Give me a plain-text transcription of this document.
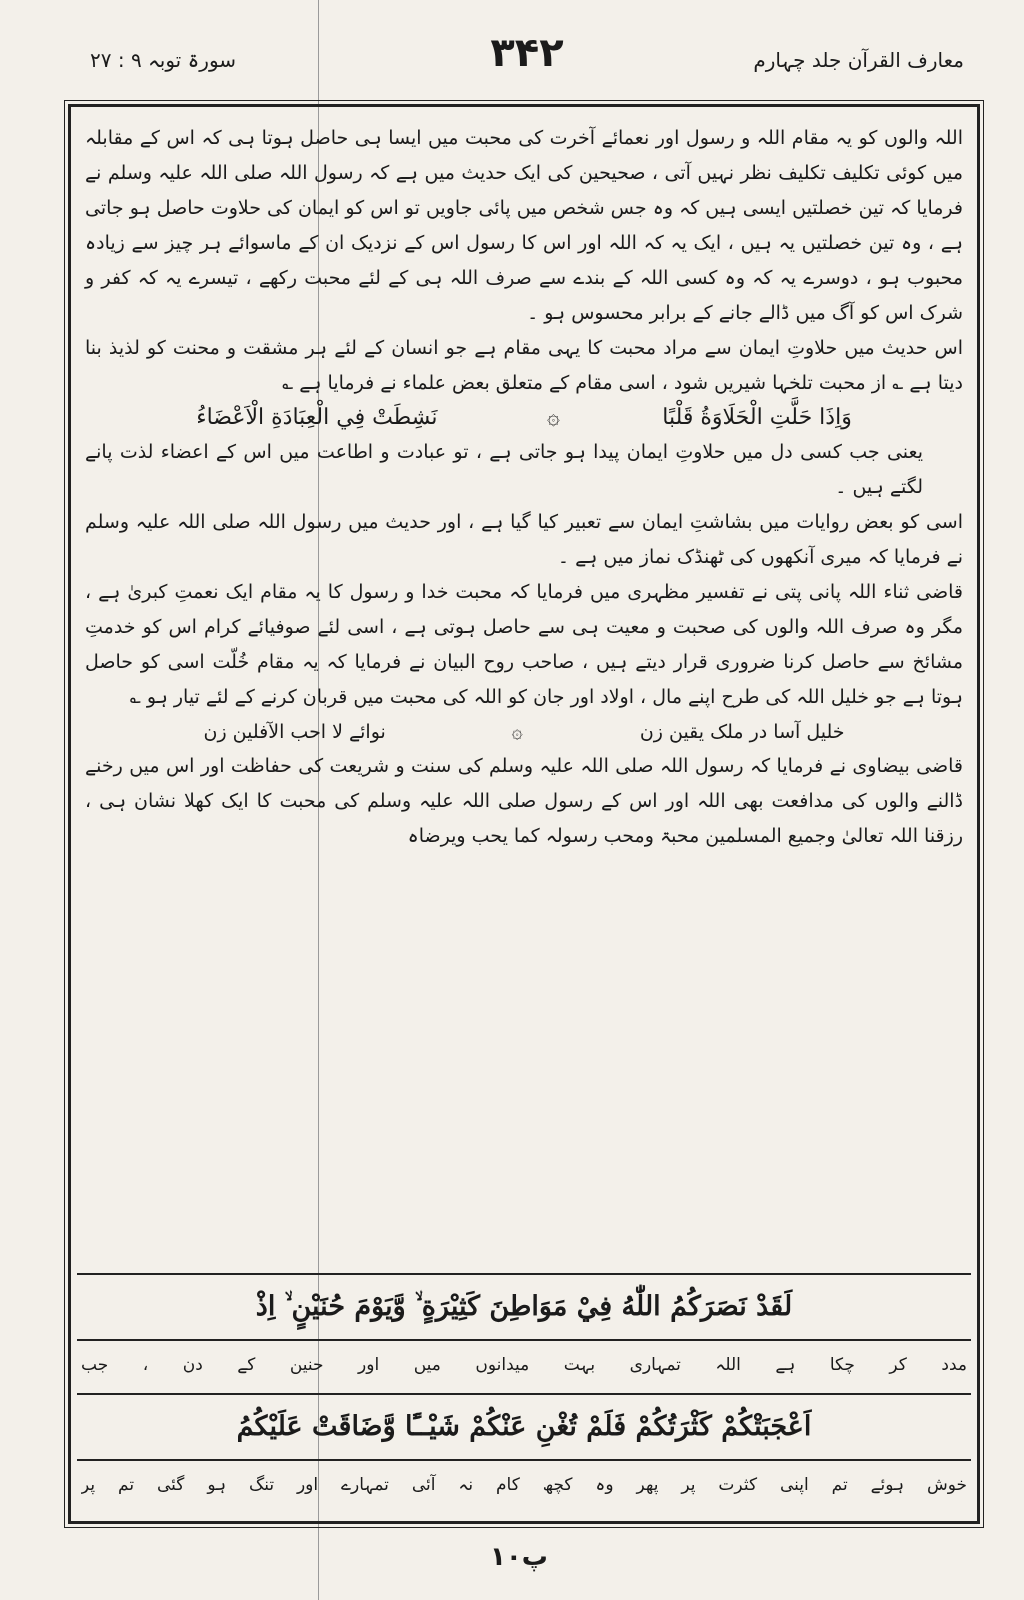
معارف القرآن جلد چہارم
۳۴۲
سورۃ توبہ ۹ : ۲۷

اللہ والوں کو یہ مقام اللہ و رسول اور نعمائے آخرت کی محبت میں ایسا ہی حاصل ہوتا ہی کہ اس کے مقابلہ میں کوئی تکلیف تکلیف نظر نہیں آتی ، صحیحین کی ایک حدیث میں ہے کہ رسول اللہ صلی اللہ علیہ وسلم نے فرمایا کہ تین خصلتیں ایسی ہیں کہ وہ جس شخص میں پائی جاویں تو اس کو ایمان کی حلاوت حاصل ہو جاتی ہے ، وہ تین خصلتیں یہ ہیں ، ایک یہ کہ اللہ اور اس کا رسول اس کے نزدیک ان کے ماسوائے ہر چیز سے زیادہ محبوب ہو ، دوسرے یہ کہ وہ کسی اللہ کے بندے سے صرف اللہ ہی کے لئے محبت رکھے ، تیسرے یہ کہ کفر و شرک اس کو آگ میں ڈالے جانے کے برابر محسوس ہو ۔

اس حدیث میں حلاوتِ ایمان سے مراد محبت کا یہی مقام ہے جو انسان کے لئے ہر مشقت و محنت کو لذیذ بنا دیتا ہے ؎ از محبت تلخہا شیریں شود ، اسی مقام کے متعلق بعض علماء نے فرمایا ہے ؎

وَاِذَا حَلَّتِ الْحَلَاوَةُ قَلْبًا
۞
نَشِطَتْ فِي الْعِبَادَةِ الْاَعْضَاءُ

یعنی جب کسی دل میں حلاوتِ ایمان پیدا ہو جاتی ہے ، تو عبادت و اطاعت میں اس کے اعضاء لذت پانے لگتے ہیں ۔

اسی کو بعض روایات میں بشاشتِ ایمان سے تعبیر کیا گیا ہے ، اور حدیث میں رسول اللہ صلی اللہ علیہ وسلم نے فرمایا کہ میری آنکھوں کی ٹھنڈک نماز میں ہے ۔

قاضی ثناء اللہ پانی پتی نے تفسیر مظہری میں فرمایا کہ محبت خدا و رسول کا یہ مقام ایک نعمتِ کبریٰ ہے ، مگر وہ صرف اللہ والوں کی صحبت و معیت ہی سے حاصل ہوتی ہے ، اسی لئے صوفیائے کرام اس کو خدمتِ مشائخ سے حاصل کرنا ضروری قرار دیتے ہیں ، صاحب روح البیان نے فرمایا کہ یہ مقام خُلّت اسی کو حاصل ہوتا ہے جو خلیل اللہ کی طرح اپنے مال ، اولاد اور جان کو اللہ کی محبت میں قربان کرنے کے لئے تیار ہو ؎

خلیل آسا در ملک یقین زن
۞
نوائے لا احب الآفلین زن

قاضی بیضاوی نے فرمایا کہ رسول اللہ صلی اللہ علیہ وسلم کی سنت و شریعت کی حفاظت اور اس میں رخنے ڈالنے والوں کی مدافعت بھی اللہ اور اس کے رسول صلی اللہ علیہ وسلم کی محبت کا ایک کھلا نشان ہی ، رزقنا اللہ تعالیٰ وجمیع المسلمین محبۃ ومحب رسولہ کما یحب ویرضاہ

لَقَدْ نَصَرَكُمُ اللّٰهُ فِيْ مَوَاطِنَ كَثِيْرَةٍ ۙ وَّيَوْمَ حُنَيْنٍ ۙ اِذْ
مدد کر چکا ہے اللہ تمہاری بہت میدانوں میں اور حنین کے دن ، جب
اَعْجَبَتْكُمْ كَثْرَتُكُمْ فَلَمْ تُغْنِ عَنْكُمْ شَيْــًٔا وَّضَاقَتْ عَلَيْكُمُ
خوش ہوئے تم اپنی کثرت پر پھر وہ کچھ کام نہ آئی تمہارے اور تنگ ہو گئی تم پر
پ۱۰
